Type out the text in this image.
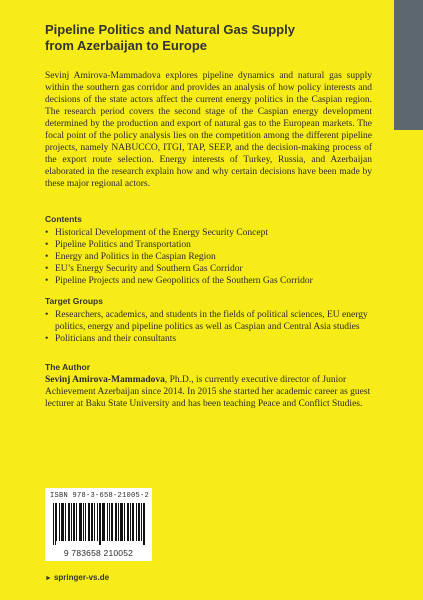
Pipeline Politics and Natural Gas Supply
from Azerbaijan to Europe

Sevinj Amirova-Mammadova explores pipeline dynamics and natural gas supply within the southern gas corridor and provides an analysis of how policy interests and decisions of the state actors affect the current energy politics in the Caspian region. The research period covers the second stage of the Caspian energy development determined by the production and export of natural gas to the European markets. The focal point of the policy analysis lies on the competition among the different pipeline projects, namely NABUCCO, ITGI, TAP, SEEP, and the decision-making process of the export route selection. Energy interests of Turkey, Russia, and Azerbaijan elaborated in the research explain how and why certain decisions have been made by these major regional actors.

Contents
• Historical Development of the Energy Security Concept
• Pipeline Politics and Transportation
• Energy and Politics in the Caspian Region
• EU’s Energy Security and Southern Gas Corridor
• Pipeline Projects and new Geopolitics of the Southern Gas Corridor
Target Groups
• Researchers, academics, and students in the fields of political sciences, EU energy politics, energy and pipeline politics as well as Caspian and Central Asia studies
• Politicians and their consultants
The Author

Sevinj Amirova-Mammadova, Ph.D., is currently executive director of Junior Achievement Azerbaijan since 2014. In 2015 she started her academic career as guest lecturer at Baku State University and has been teaching Peace and Conflict Studies.

ISBN 978-3-658-21005-2
9 783658 210052
► springer-vs.de
